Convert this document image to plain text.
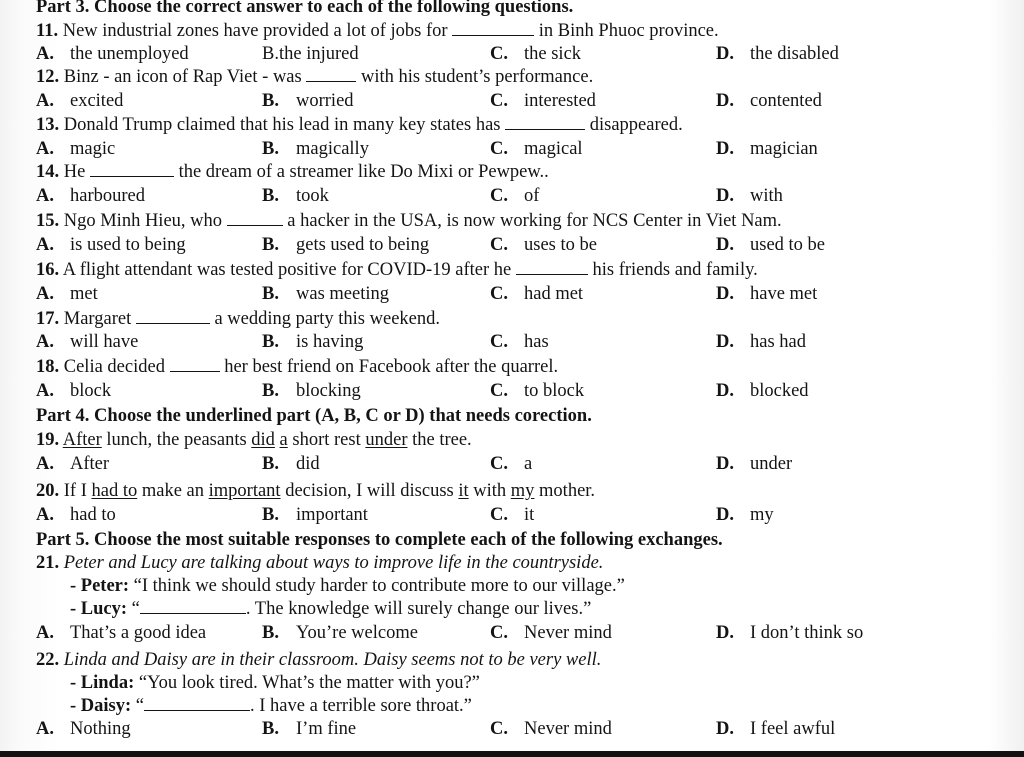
Part 3. Choose the correct answer to each of the following questions.
11. New industrial zones have provided a lot of jobs for	in Binh Phuoc province.
A. the unemployed	B.the injured	C. the sick	D. the disabled
12. Binz - an icon of Rap Viet - was	with his student’s performance.
A. excited	B. worried	C. interested	D. contented
13. Donald Trump claimed that his lead in many key states has	disappeared.
A. magic	B. magically	C. magical	D. magician
14. He	the dream of a streamer like Do Mixi or Pewpew..
A. harboured	B. took	C. of	D. with
15. Ngo Minh Hieu, who	a hacker in the USA, is now working for NCS Center in Viet Nam.
A. is used to being	B. gets used to being	C. uses to be	D. used to be
16. A flight attendant was tested positive for COVID-19 after he	his friends and family.
A. met	B. was meeting	C. had met	D. have met
17. Margaret	a wedding party this weekend.
A. will have	B. is having	C. has	D. has had
18. Celia decided	her best friend on Facebook after the quarrel.
A. block	B. blocking	C. to block	D. blocked
Part 4. Choose the underlined part (A, B, C or D) that needs corection.
19. After lunch, the peasants did a short rest under the tree.
A. After	B. did	C. a	D. under
20. If I had to make an important decision, I will discuss it with my mother.
A. had to	B. important	C. it	D. my
Part 5. Choose the most suitable responses to complete each of the following exchanges.
21. Peter and Lucy are talking about ways to improve life in the countryside.
- Peter: “I think we should study harder to contribute more to our village.”
- Lucy: “	. The knowledge will surely change our lives.”
A. That’s a good idea	B. You’re welcome	C. Never mind	D. I don’t think so
22. Linda and Daisy are in their classroom. Daisy seems not to be very well.
- Linda: “You look tired. What’s the matter with you?”
- Daisy: “	. I have a terrible sore throat.”
A. Nothing	B. I’m fine	C. Never mind	D. I feel awful
